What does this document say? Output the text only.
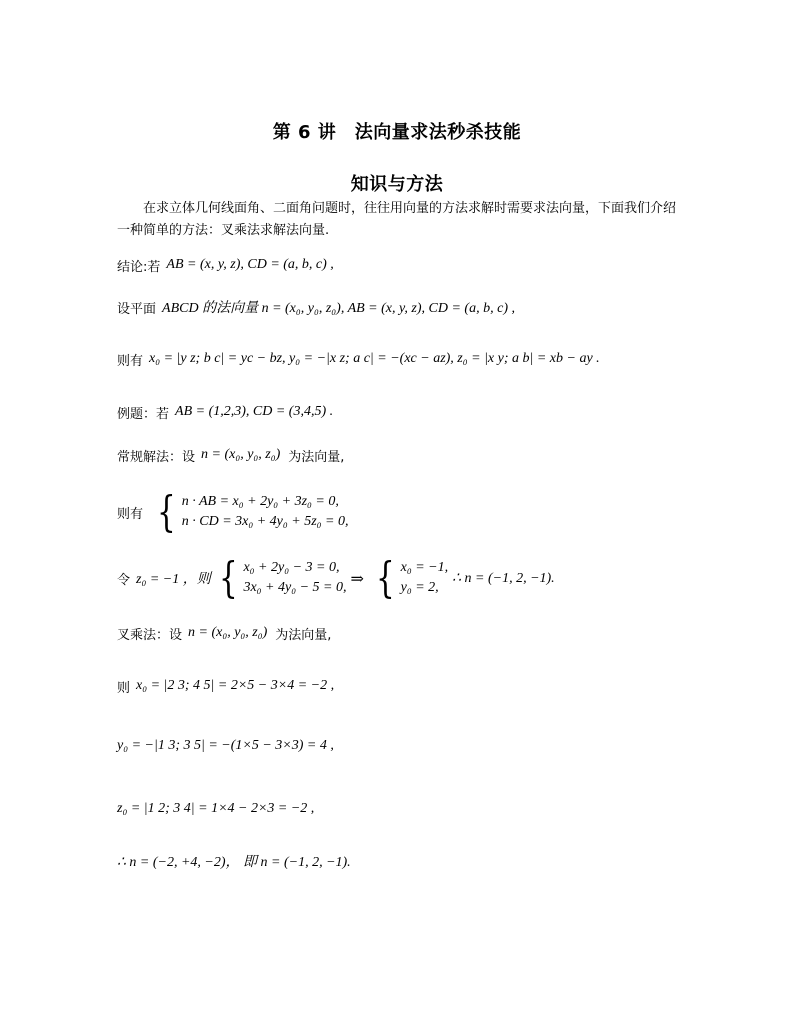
第 6 讲　法向量求法秒杀技能
知识与方法
在求立体几何线面角、二面角问题时，往往用向量的方法求解时需要求法向量，下面我们介绍一种简单的方法：叉乘法求解法向量.
结论:若 AB = (x, y, z), CD = (a, b, c) ,
设平面 ABCD 的法向量 n = (x₀, y₀, z₀), AB = (x, y, z), CD = (a, b, c) ,
则有 x₀ = |y z; b c| = yc − bz, y₀ = −|x z; a c| = −(xc − az), z₀ = |x y; a b| = xb − ay .
例题：若 AB = (1,2,3), CD = (3,4,5) .
常规解法：设 n = (x₀, y₀, z₀) 为法向量,
则有 { n · AB = x₀ + 2y₀ + 3z₀ = 0,
n · CD = 3x₀ + 4y₀ + 5z₀ = 0,
令 z₀ = −1 ，则 { x₀ + 2y₀ − 3 = 0,
3x₀ + 4y₀ − 5 = 0, ⇒ { x₀ = −1,
y₀ = 2,
∴ n = (−1, 2, −1).
叉乘法：设 n = (x₀, y₀, z₀) 为法向量,
则 x₀ = |2 3; 4 5| = 2×5 − 3×4 = −2 ,
y₀ = −|1 3; 3 5| = −(1×5 − 3×3) = 4 ,
z₀ = |1 2; 3 4| = 1×4 − 2×3 = −2 ,
∴ n = (−2, +4, −2)， 即 n = (−1, 2, −1).
